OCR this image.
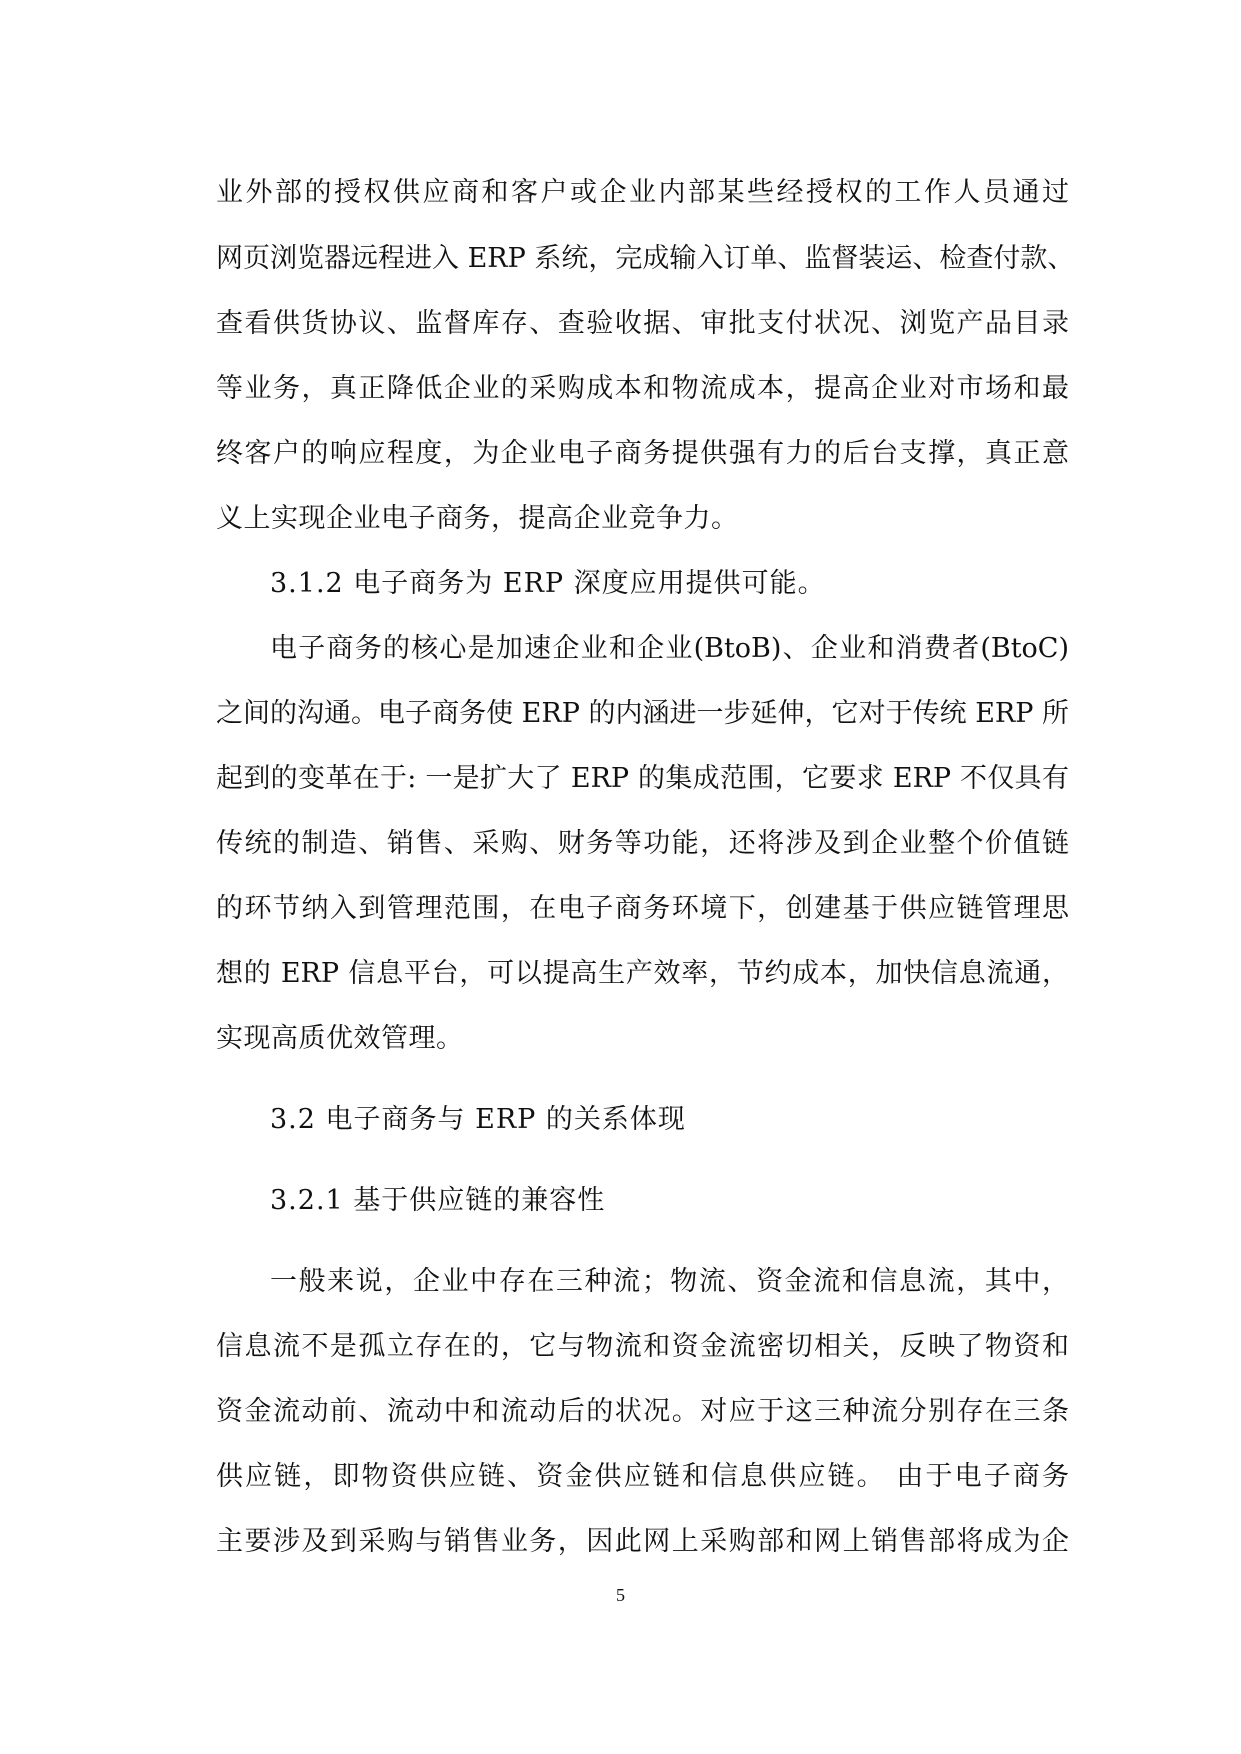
业外部的授权供应商和客户或企业内部某些经授权的工作人员通过
网页浏览器远程进入 ERP 系统，完成输入订单、监督装运、检查付款、
查看供货协议、监督库存、查验收据、审批支付状况、浏览产品目录
等业务，真正降低企业的采购成本和物流成本，提高企业对市场和最
终客户的响应程度，为企业电子商务提供强有力的后台支撑，真正意
义上实现企业电子商务，提高企业竞争力。
3.1.2 电子商务为 ERP 深度应用提供可能。
电子商务的核心是加速企业和企业(BtoB)、企业和消费者(BtoC)
之间的沟通。电子商务使 ERP 的内涵进一步延伸，它对于传统 ERP 所
起到的变革在于: 一是扩大了 ERP 的集成范围，它要求 ERP 不仅具有
传统的制造、销售、采购、财务等功能，还将涉及到企业整个价值链
的环节纳入到管理范围，在电子商务环境下，创建基于供应链管理思
想的 ERP 信息平台，可以提高生产效率，节约成本，加快信息流通，
实现高质优效管理。
3.2 电子商务与 ERP 的关系体现
3.2.1 基于供应链的兼容性
一般来说，企业中存在三种流；物流、资金流和信息流，其中，
信息流不是孤立存在的，它与物流和资金流密切相关，反映了物资和
资金流动前、流动中和流动后的状况。对应于这三种流分别存在三条
供应链，即物资供应链、资金供应链和信息供应链。 由于电子商务
主要涉及到采购与销售业务，因此网上采购部和网上销售部将成为企
5
